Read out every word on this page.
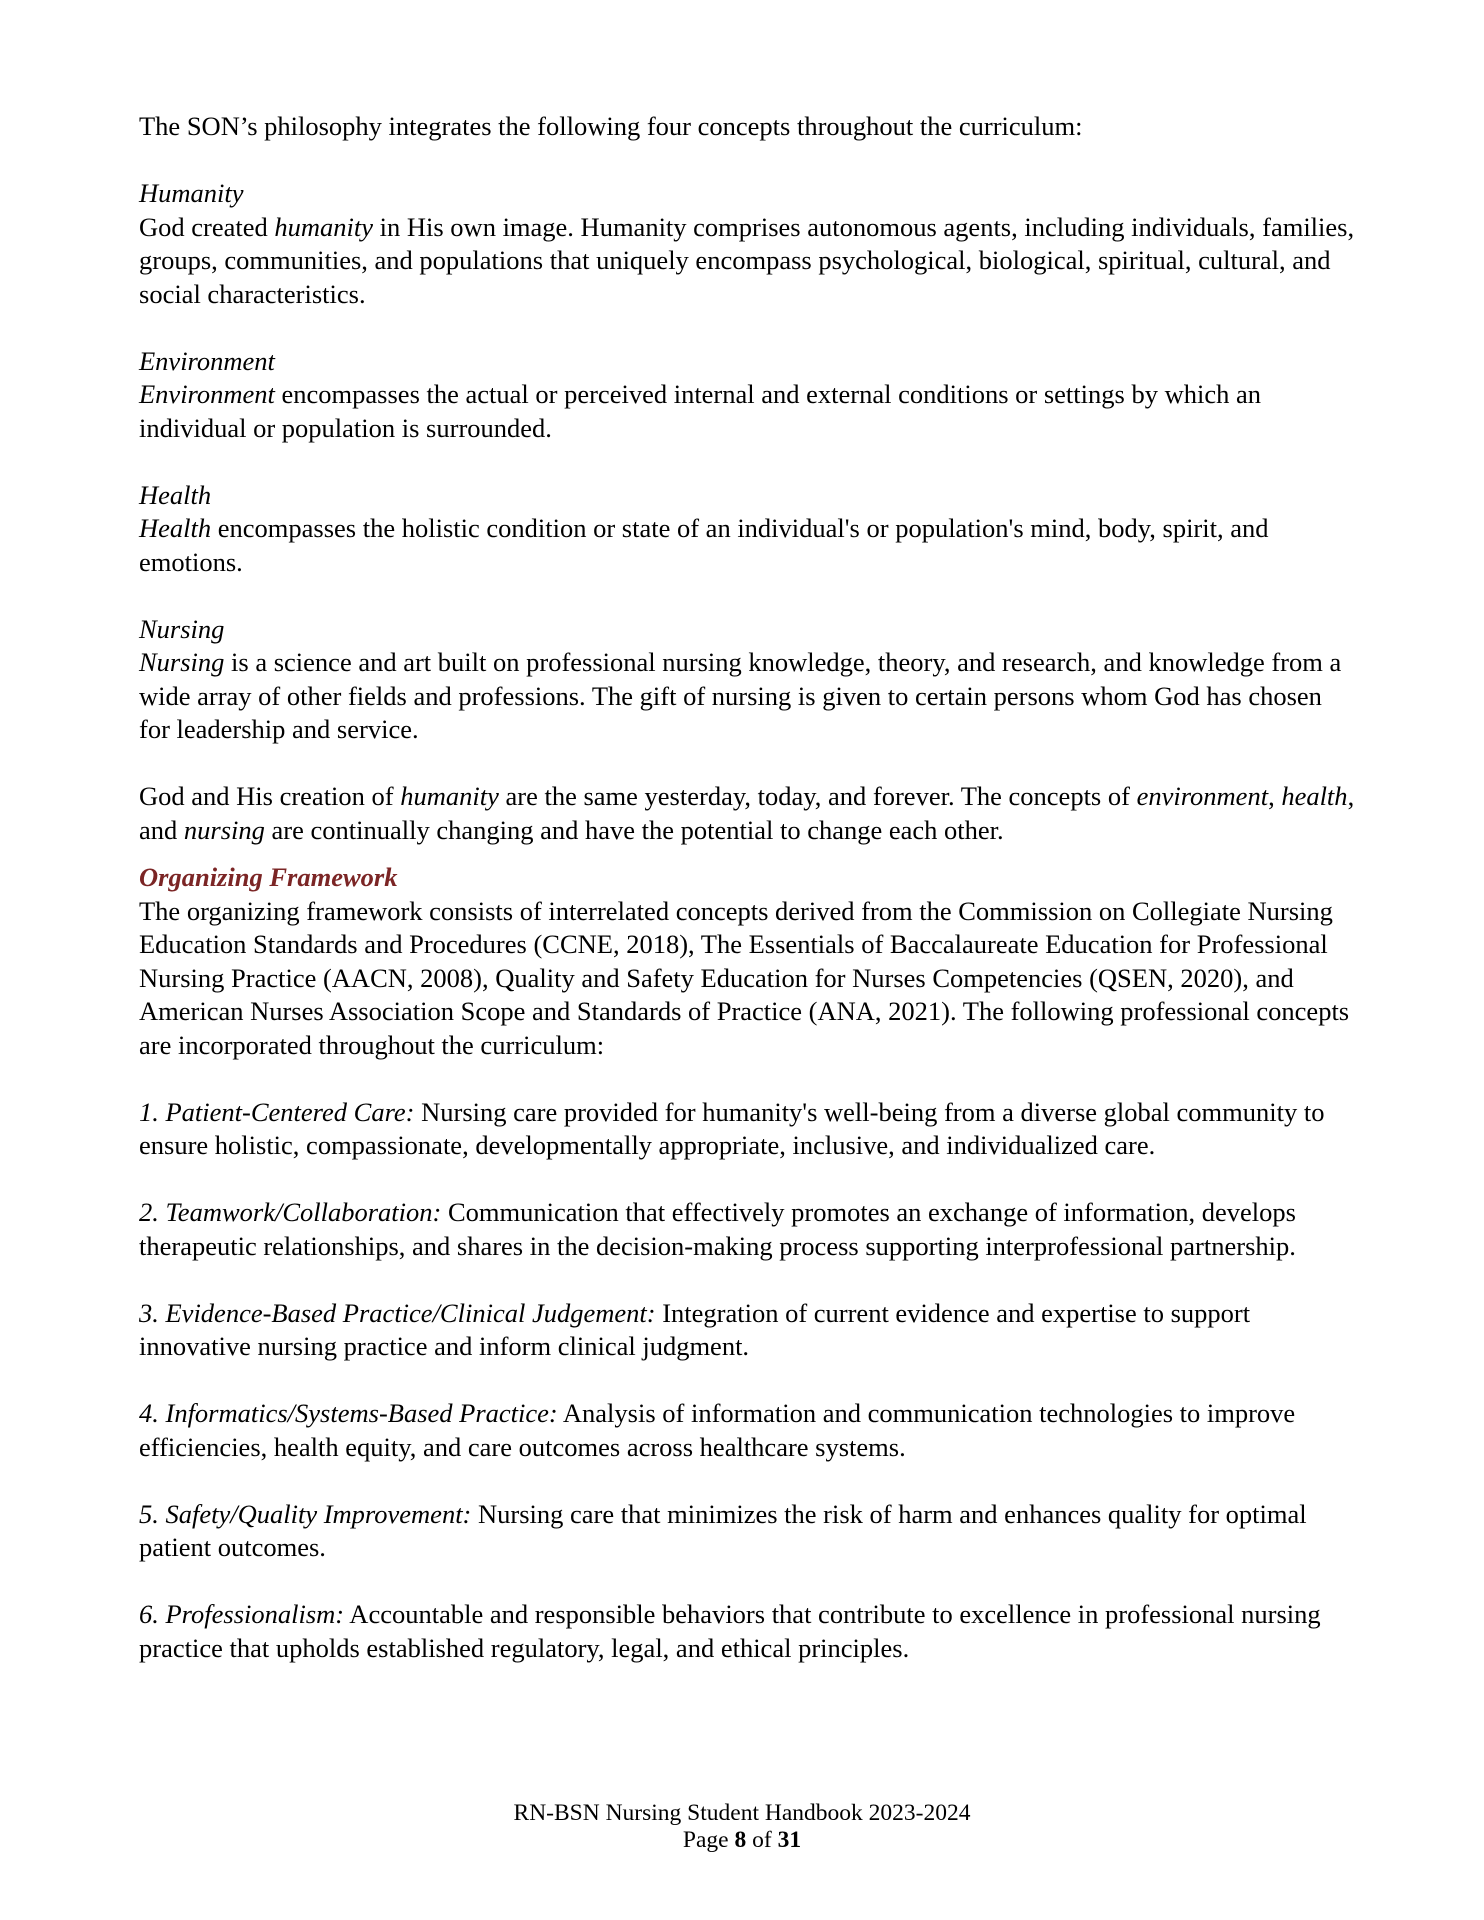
The SON’s philosophy integrates the following four concepts throughout the curriculum:

Humanity

God created humanity in His own image. Humanity comprises autonomous agents, including individuals, families, groups, communities, and populations that uniquely encompass psychological, biological, spiritual, cultural, and social characteristics.

Environment

Environment encompasses the actual or perceived internal and external conditions or settings by which an individual or population is surrounded.

Health

Health encompasses the holistic condition or state of an individual's or population's mind, body, spirit, and emotions.

Nursing

Nursing is a science and art built on professional nursing knowledge, theory, and research, and knowledge from a wide array of other fields and professions. The gift of nursing is given to certain persons whom God has chosen for leadership and service.

God and His creation of humanity are the same yesterday, today, and forever. The concepts of environment, health, and nursing are continually changing and have the potential to change each other.

Organizing Framework

The organizing framework consists of interrelated concepts derived from the Commission on Collegiate Nursing Education Standards and Procedures (CCNE, 2018), The Essentials of Baccalaureate Education for Professional Nursing Practice (AACN, 2008), Quality and Safety Education for Nurses Competencies (QSEN, 2020), and American Nurses Association Scope and Standards of Practice (ANA, 2021). The following professional concepts are incorporated throughout the curriculum:

1. Patient-Centered Care: Nursing care provided for humanity's well-being from a diverse global community to ensure holistic, compassionate, developmentally appropriate, inclusive, and individualized care.

2. Teamwork/Collaboration: Communication that effectively promotes an exchange of information, develops therapeutic relationships, and shares in the decision-making process supporting interprofessional partnership.

3. Evidence-Based Practice/Clinical Judgement: Integration of current evidence and expertise to support innovative nursing practice and inform clinical judgment.

4. Informatics/Systems-Based Practice: Analysis of information and communication technologies to improve efficiencies, health equity, and care outcomes across healthcare systems.

5. Safety/Quality Improvement: Nursing care that minimizes the risk of harm and enhances quality for optimal patient outcomes.

6. Professionalism: Accountable and responsible behaviors that contribute to excellence in professional nursing practice that upholds established regulatory, legal, and ethical principles.

RN-BSN Nursing Student Handbook 2023-2024
Page 8 of 31
